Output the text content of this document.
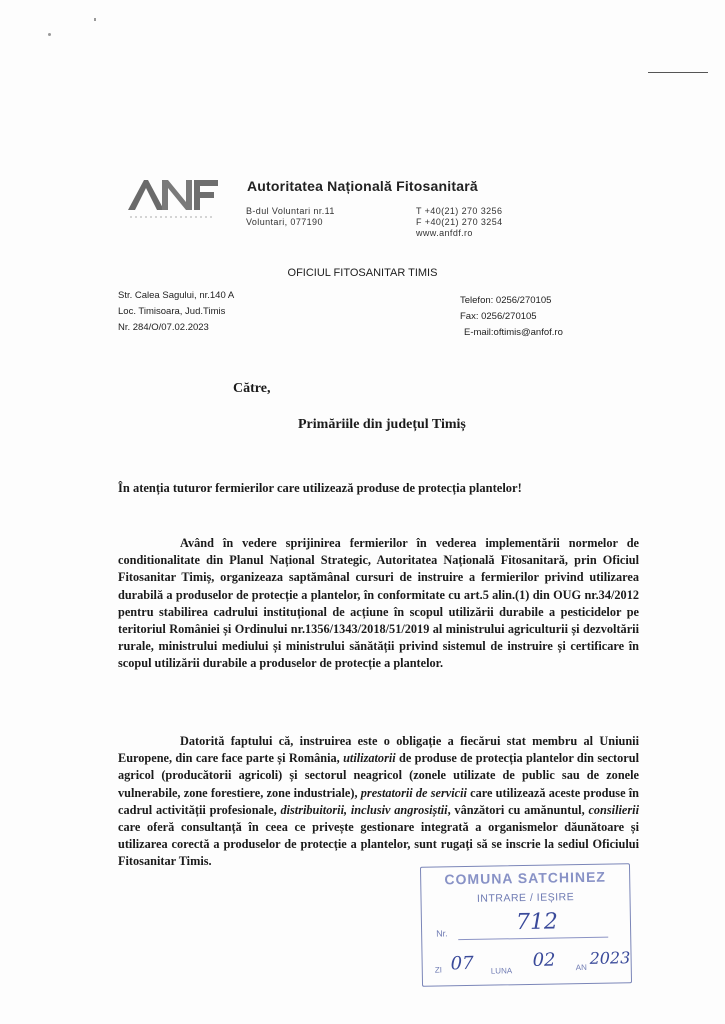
Autoritatea Națională Fitosanitară
B-dul Voluntari nr.11
Voluntari, 077190
T +40(21) 270 3256
F +40(21) 270 3254
www.anfdf.ro
OFICIUL FITOSANITAR TIMIS
Str. Calea Sagului, nr.140 A
Loc. Timisoara, Jud.Timis
Nr. 284/O/07.02.2023
Telefon: 0256/270105
Fax: 0256/270105
E-mail:oftimis@anfof.ro
Către,
Primăriile din județul Timiș
În atenția tuturor fermierilor care utilizează produse de protecția plantelor!
Având în vedere sprijinirea fermierilor în vederea implementării normelor de conditionalitate din Planul Național Strategic, Autoritatea Națională Fitosanitară, prin Oficiul Fitosanitar Timiș, organizeaza saptămânal cursuri de instruire a fermierilor privind utilizarea durabilă a produselor de protecție a plantelor, în conformitate cu art.5 alin.(1) din OUG nr.34/2012 pentru stabilirea cadrului instituțional de acțiune în scopul utilizării durabile a pesticidelor pe teritoriul României și Ordinului nr.1356/1343/2018/51/2019 al ministrului agriculturii și dezvoltării rurale, ministrului mediului și ministrului sănătății privind sistemul de instruire și certificare în scopul utilizării durabile a produselor de protecție a plantelor.
Datorită faptului că, instruirea este o obligație a fiecărui stat membru al Uniunii Europene, din care face parte și România, utilizatorii de produse de protecția plantelor din sectorul agricol (producătorii agricoli) și sectorul neagricol (zonele utilizate de public sau de zonele vulnerabile, zone forestiere, zone industriale), prestatorii de servicii care utilizează aceste produse în cadrul activității profesionale, distribuitorii, inclusiv angrosiștii, vânzători cu amănuntul, consilierii care oferă consultanță în ceea ce privește gestionare integrată a organismelor dăunătoare și utilizarea corectă a produselor de protecție a plantelor, sunt rugați să se inscrie la sediul Oficiului Fitosanitar Timis.
COMUNA SATCHINEZ
INTRARE / IEȘIRE
Nr.	712
ZI 07 LUNA
02 AN 2023
